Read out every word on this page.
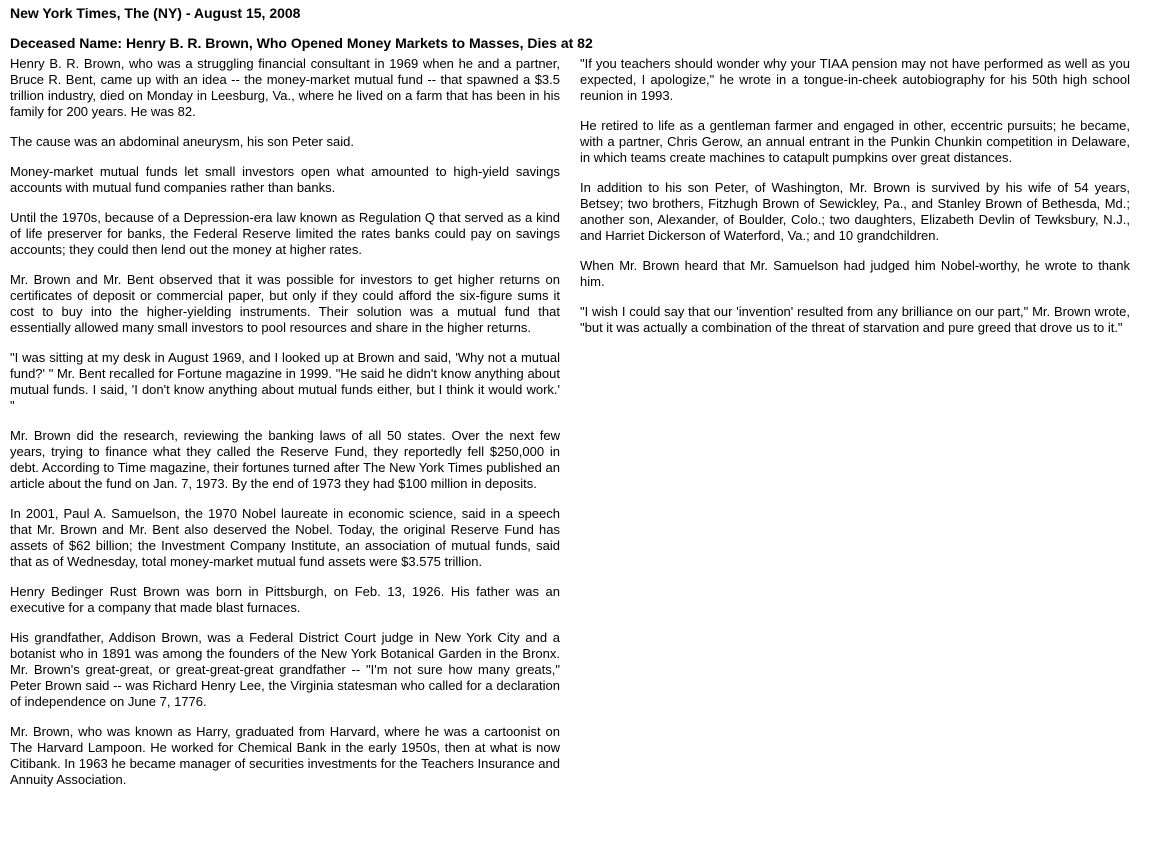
New York Times, The (NY) - August 15, 2008

Deceased Name: Henry B. R. Brown, Who Opened Money Markets to Masses, Dies at 82

Henry B. R. Brown, who was a struggling financial consultant in 1969 when he and a partner, Bruce R. Bent, came up with an idea -- the money-market mutual fund -- that spawned a $3.5 trillion industry, died on Monday in Leesburg, Va., where he lived on a farm that has been in his family for 200 years. He was 82.

The cause was an abdominal aneurysm, his son Peter said.

Money-market mutual funds let small investors open what amounted to high-yield savings accounts with mutual fund companies rather than banks.

Until the 1970s, because of a Depression-era law known as Regulation Q that served as a kind of life preserver for banks, the Federal Reserve limited the rates banks could pay on savings accounts; they could then lend out the money at higher rates.

Mr. Brown and Mr. Bent observed that it was possible for investors to get higher returns on certificates of deposit or commercial paper, but only if they could afford the six-figure sums it cost to buy into the higher-yielding instruments. Their solution was a mutual fund that essentially allowed many small investors to pool resources and share in the higher returns.

"I was sitting at my desk in August 1969, and I looked up at Brown and said, 'Why not a mutual fund?' " Mr. Bent recalled for Fortune magazine in 1999. "He said he didn't know anything about mutual funds. I said, 'I don't know anything about mutual funds either, but I think it would work.' "

Mr. Brown did the research, reviewing the banking laws of all 50 states. Over the next few years, trying to finance what they called the Reserve Fund, they reportedly fell $250,000 in debt. According to Time magazine, their fortunes turned after The New York Times published an article about the fund on Jan. 7, 1973. By the end of 1973 they had $100 million in deposits.

In 2001, Paul A. Samuelson, the 1970 Nobel laureate in economic science, said in a speech that Mr. Brown and Mr. Bent also deserved the Nobel. Today, the original Reserve Fund has assets of $62 billion; the Investment Company Institute, an association of mutual funds, said that as of Wednesday, total money-market mutual fund assets were $3.575 trillion.

Henry Bedinger Rust Brown was born in Pittsburgh, on Feb. 13, 1926. His father was an executive for a company that made blast furnaces.

His grandfather, Addison Brown, was a Federal District Court judge in New York City and a botanist who in 1891 was among the founders of the New York Botanical Garden in the Bronx. Mr. Brown's great-great, or great-great-great grandfather -- "I'm not sure how many greats," Peter Brown said -- was Richard Henry Lee, the Virginia statesman who called for a declaration of independence on June 7, 1776.

Mr. Brown, who was known as Harry, graduated from Harvard, where he was a cartoonist on The Harvard Lampoon. He worked for Chemical Bank in the early 1950s, then at what is now Citibank. In 1963 he became manager of securities investments for the Teachers Insurance and Annuity Association.

"If you teachers should wonder why your TIAA pension may not have performed as well as you expected, I apologize," he wrote in a tongue-in-cheek autobiography for his 50th high school reunion in 1993.

He retired to life as a gentleman farmer and engaged in other, eccentric pursuits; he became, with a partner, Chris Gerow, an annual entrant in the Punkin Chunkin competition in Delaware, in which teams create machines to catapult pumpkins over great distances.

In addition to his son Peter, of Washington, Mr. Brown is survived by his wife of 54 years, Betsey; two brothers, Fitzhugh Brown of Sewickley, Pa., and Stanley Brown of Bethesda, Md.; another son, Alexander, of Boulder, Colo.; two daughters, Elizabeth Devlin of Tewksbury, N.J., and Harriet Dickerson of Waterford, Va.; and 10 grandchildren.

When Mr. Brown heard that Mr. Samuelson had judged him Nobel-worthy, he wrote to thank him.

"I wish I could say that our 'invention' resulted from any brilliance on our part," Mr. Brown wrote, "but it was actually a combination of the threat of starvation and pure greed that drove us to it."
